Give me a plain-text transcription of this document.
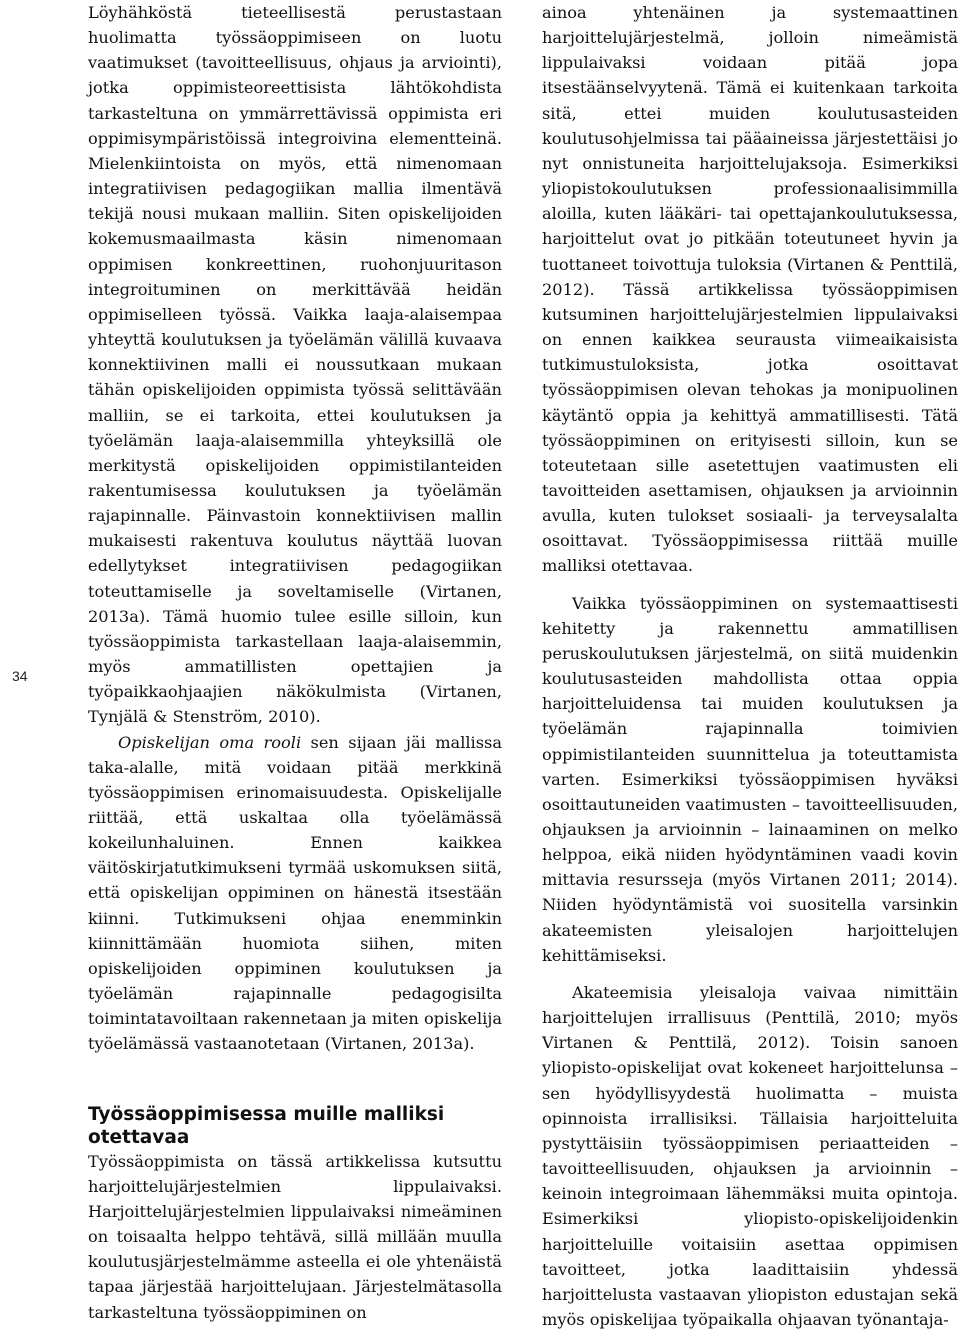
34

Löyhähköstä tieteellisestä perustastaan huolimatta työssäoppimiseen on luotu vaatimukset (tavoitteellisuus, ohjaus ja arviointi), jotka oppimisteoreettisista lähtökohdista tarkasteltuna on ymmärrettävissä oppimista eri oppimisympäristöissä integroivina elementteinä. Mielenkiintoista on myös, että nimenomaan integratiivisen pedagogiikan mallia ilmentävä tekijä nousi mukaan malliin. Siten opiskelijoiden kokemusmaailmasta käsin nimenomaan oppimisen konkreettinen, ruohonjuuritason integroituminen on merkittävää heidän oppimiselleen työssä. Vaikka laaja-alaisempaa yhteyttä koulutuksen ja työelämän välillä kuvaava konnektiivinen malli ei noussutkaan mukaan tähän opiskelijoiden oppimista työssä selittävään malliin, se ei tarkoita, ettei koulutuksen ja työelämän laaja-alaisemmilla yhteyksillä ole merkitystä opiskelijoiden oppimistilanteiden rakentumisessa koulutuksen ja työelämän rajapinnalle. Päinvastoin konnektiivisen mallin mukaisesti rakentuva koulutus näyttää luovan edellytykset integratiivisen pedagogiikan toteuttamiselle ja soveltamiselle (Virtanen, 2013a). Tämä huomio tulee esille silloin, kun työssäoppimista tarkastellaan laaja-alaisemmin, myös ammatillisten opettajien ja työpaikkaohjaajien näkökulmista (Virtanen, Tynjälä & Stenström, 2010).

Opiskelijan oma rooli sen sijaan jäi mallissa taka-alalle, mitä voidaan pitää merkkinä työssäoppimisen erinomaisuudesta. Opiskelijalle riittää, että uskaltaa olla työelämässä kokeilunhaluinen. Ennen kaikkea väitöskirjatutkimukseni tyrmää uskomuksen siitä, että opiskelijan oppiminen on hänestä itsestään kiinni. Tutkimukseni ohjaa enemminkin kiinnittämään huomiota siihen, miten opiskelijoiden oppiminen koulutuksen ja työelämän rajapinnalle pedagogisilta toimintatavoiltaan rakennetaan ja miten opiskelija työelämässä vastaanotetaan (Virtanen, 2013a).

Työssäoppimisessa muille malliksi otettavaa

Työssäoppimista on tässä artikkelissa kutsuttu harjoittelujärjestelmien lippulaivaksi. Harjoittelujärjestelmien lippulaivaksi nimeäminen on toisaalta helppo tehtävä, sillä millään muulla koulutusjärjestelmämme asteella ei ole yhtenäistä tapaa järjestää harjoittelujaan. Järjestelmätasolla tarkasteltuna työssäoppiminen on

ainoa yhtenäinen ja systemaattinen harjoittelujärjestelmä, jolloin nimeämistä lippulaivaksi voidaan pitää jopa itsestäänselvyytenä. Tämä ei kuitenkaan tarkoita sitä, ettei muiden koulutusasteiden koulutusohjelmissa tai pääaineissa järjestettäisi jo nyt onnistuneita harjoittelujaksoja. Esimerkiksi yliopistokoulutuksen professionaalisimmilla aloilla, kuten lääkäri- tai opettajankoulutuksessa, harjoittelut ovat jo pitkään toteutuneet hyvin ja tuottaneet toivottuja tuloksia (Virtanen & Penttilä, 2012). Tässä artikkelissa työssäoppimisen kutsuminen harjoittelujärjestelmien lippulaivaksi on ennen kaikkea seurausta viimeaikaisista tutkimustuloksista, jotka osoittavat työssäoppimisen olevan tehokas ja monipuolinen käytäntö oppia ja kehittyä ammatillisesti. Tätä työssäoppiminen on erityisesti silloin, kun se toteutetaan sille asetettujen vaatimusten eli tavoitteiden asettamisen, ohjauksen ja arvioinnin avulla, kuten tulokset sosiaali- ja terveysalalta osoittavat. Työssäoppimisessa riittää muille malliksi otettavaa.

Vaikka työssäoppiminen on systemaattisesti kehitetty ja rakennettu ammatillisen peruskoulutuksen järjestelmä, on siitä muidenkin koulutusasteiden mahdollista ottaa oppia harjoitteluidensa tai muiden koulutuksen ja työelämän rajapinnalla toimivien oppimistilanteiden suunnittelua ja toteuttamista varten. Esimerkiksi työssäoppimisen hyväksi osoittautuneiden vaatimusten – tavoitteellisuuden, ohjauksen ja arvioinnin – lainaaminen on melko helppoa, eikä niiden hyödyntäminen vaadi kovin mittavia resursseja (myös Virtanen 2011; 2014). Niiden hyödyntämistä voi suositella varsinkin akateemisten yleisalojen harjoittelujen kehittämiseksi.

Akateemisia yleisaloja vaivaa nimittäin harjoittelujen irrallisuus (Penttilä, 2010; myös Virtanen & Penttilä, 2012). Toisin sanoen yliopisto-opiskelijat ovat kokeneet harjoittelunsa – sen hyödyllisyydestä huolimatta – muista opinnoista irrallisiksi. Tällaisia harjoitteluita pystyttäisiin työssäoppimisen periaatteiden – tavoitteellisuuden, ohjauksen ja arvioinnin – keinoin integroimaan lähemmäksi muita opintoja. Esimerkiksi yliopisto-opiskelijoidenkin harjoitteluille voitaisiin asettaa oppimisen tavoitteet, jotka laadittaisiin yhdessä harjoittelusta vastaavan yliopiston edustajan sekä myös opiskelijaa työpaikalla ohjaavan työnantaja-
